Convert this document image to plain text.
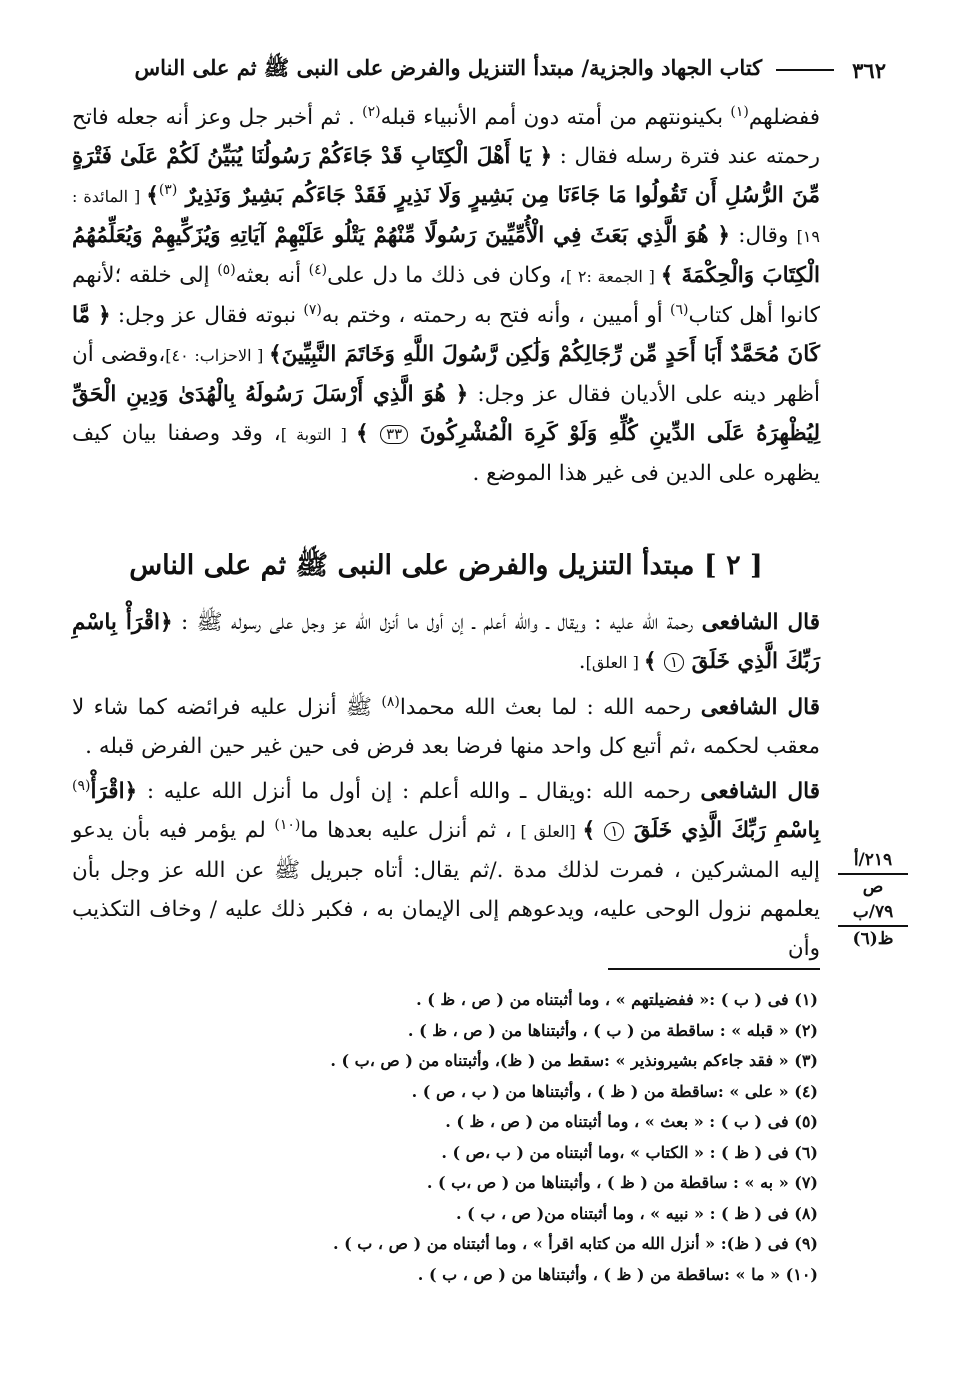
٣٦٢
كتاب الجهاد والجزية/ مبتدأ التنزيل والفرض على النبى ﷺ ثم على الناس

ففضلهم$^{(١)}$ بكينونتهم من أمته دون أمم الأنبياء قبله$^{(٢)}$ . ثم أخبر جل وعز أنه جعله فاتح رحمته عند فترة رسله فقال : ﴿ يَا أَهْلَ الْكِتَابِ قَدْ جَاءَكُمْ رَسُولُنَا يُبَيِّنُ لَكُمْ عَلَىٰ فَتْرَةٍ مِّنَ الرُّسُلِ أَن تَقُولُوا مَا جَاءَنَا مِن بَشِيرٍ وَلَا نَذِيرٍ فَقَدْ جَاءَكُم بَشِيرٌ وَنَذِيرٌ $^{(٣)}$﴾ [ المائدة : ١٩] وقال: ﴿ هُوَ الَّذِي بَعَثَ فِي الْأُمِّيِّينَ رَسُولًا مِّنْهُمْ يَتْلُو عَلَيْهِمْ آيَاتِهِ وَيُزَكِّيهِمْ وَيُعَلِّمُهُمُ الْكِتَابَ وَالْحِكْمَةَ ﴾ [ الجمعة :٢ ]، وكان فى ذلك ما دل على$^{(٤)}$ أنه بعثه$^{(٥)}$ إلى خلقه ؛لأنهم كانوا أهل كتاب$^{(٦)}$ أو أميين ، وأنه فتح به رحمته ، وختم به$^{(٧)}$ نبوته فقال عز وجل: ﴿ مَّا كَانَ مُحَمَّدٌ أَبَا أَحَدٍ مِّن رِّجَالِكُمْ وَلَٰكِن رَّسُولَ اللَّهِ وَخَاتَمَ النَّبِيِّينَ﴾ [ الاحزاب: ٤٠]،وقضى أن أظهر دينه على الأديان فقال عز وجل: ﴿ هُوَ الَّذِي أَرْسَلَ رَسُولَهُ بِالْهُدَىٰ وَدِينِ الْحَقِّ لِيُظْهِرَهُ عَلَى الدِّينِ كُلِّهِ وَلَوْ كَرِهَ الْمُشْرِكُونَ ٣٣ ﴾ [ التوبة ]، وقد وصفنا بيان كيف يظهره على الدين فى غير هذا الموضع .

[ ٢ ] مبتدأ التنزيل والفرض على النبى ﷺ ثم على الناس

قال الشافعى رحمة الله عليه : ويقال ـ والله أعلم ـ إن أول ما أنزل الله عز وجل على رسوله ﷺ : ﴿اقْرَأْ بِاسْمِ رَبِّكَ الَّذِي خَلَقَ ١ ﴾ [ العلق].

قال الشافعى رحمه الله : لما بعث الله محمدا$^{(٨)}$ ﷺ أنزل عليه فرائضه كما شاء لا معقب لحكمه ،ثم أتبع كل واحد منها فرضا بعد فرض فى حين غير حين الفرض قبله .

قال الشافعى رحمه الله :ويقال ـ والله أعلم : إن أول ما أنزل الله عليه : ﴿اقْرَأْ$^{(٩)}$ بِاسْمِ رَبِّكَ الَّذِي خَلَقَ ١ ﴾ [العلق ] ، ثم أنزل عليه بعدها ما$^{(١٠)}$ لم يؤمر فيه بأن يدعو إليه المشركين ، فمرت لذلك مدة ./ثم يقال: أتاه جبريل ﷺ عن الله عز وجل بأن يعلمهم نزول الوحى عليه، ويدعوهم إلى الإيمان به ، فكبر ذلك عليه / وخاف التكذيب وأن

٢١٩/أ
ص
٧٩/ب
ظ(٦)
(١) فى ( ب ) :« ففضيلتهم » ، وما أثبتناه من ( ص ، ظ ) .
(٢) « قبله » : ساقطة من ( ب ) ، وأثبتناها من ( ص ، ظ ) .
(٣) « فقد جاءكم بشيرونذير » :سقط من ( ظ)، وأثبتناه من ( ص ،ب ) .
(٤) « على » :ساقطة من ( ظ ) ، وأثبتناها من ( ب ، ص ) .
(٥) فى ( ب ) : « بعث » ، وما أثبتناه من ( ص ، ظ ) .
(٦) فى ( ظ ) : « الكتاب » ،وما أثبتناه من ( ب ،ص ) .
(٧) « به » : ساقطة من ( ظ ) ، وأثبتناها من ( ص ،ب ) .
(٨) فى ( ظ ) : « نبيه » ، وما أثبتناه من( ص ، ب ) .
(٩) فى ( ظ): « أنزل الله من كتابه اقرأ » ، وما أثبتناه من ( ص ، ب ) .
(١٠) « ما » :ساقطة من ( ظ ) ، وأثبتناها من ( ص ، ب ) .
